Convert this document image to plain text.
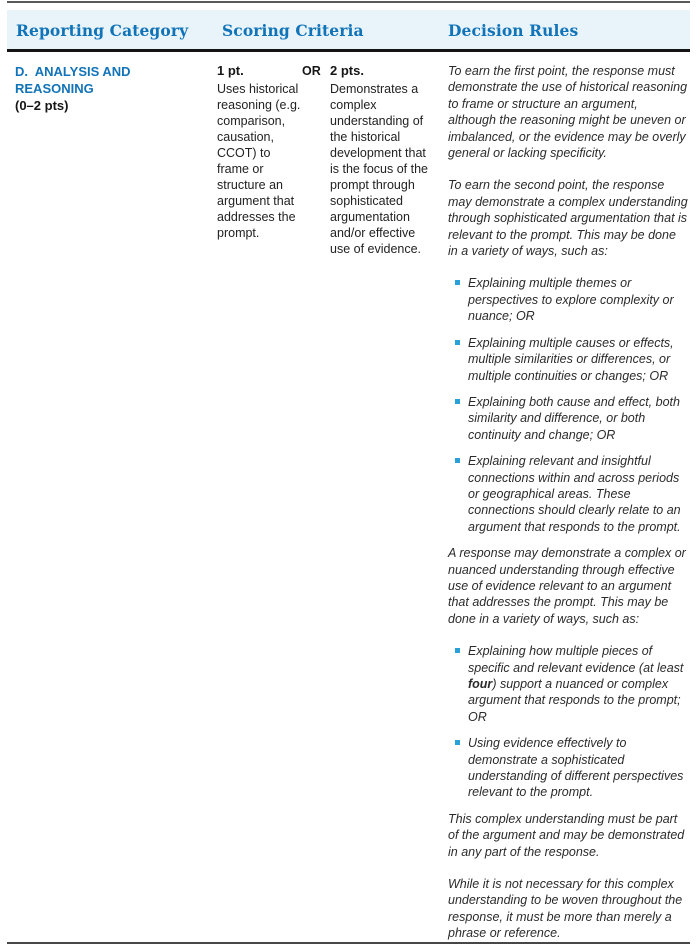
Reporting Category	Scoring Criteria	Decision Rules
D.  ANALYSIS AND REASONING
(0–2 pts)
1 pt.
Uses historical reasoning (e.g. comparison, causation, CCOT) to frame or structure an argument that addresses the prompt.
OR 2 pts.
Demonstrates a complex understanding of the historical development that is the focus of the prompt through sophisticated argumentation and/or effective use of evidence.

To earn the first point, the response must demonstrate the use of historical reasoning to frame or structure an argument, although the reasoning might be uneven or imbalanced, or the evidence may be overly general or lacking specificity.

To earn the second point, the response may demonstrate a complex understanding through sophisticated argumentation that is relevant to the prompt. This may be done in a variety of ways, such as:

Explaining multiple themes or perspectives to explore complexity or nuance; OR
Explaining multiple causes or effects, multiple similarities or differences, or multiple continuities or changes; OR
Explaining both cause and effect, both similarity and difference, or both continuity and change; OR
Explaining relevant and insightful connections within and across periods or geographical areas. These connections should clearly relate to an argument that responds to the prompt.

A response may demonstrate a complex or nuanced understanding through effective use of evidence relevant to an argument that addresses the prompt. This may be done in a variety of ways, such as:

Explaining how multiple pieces of specific and relevant evidence (at least four) support a nuanced or complex argument that responds to the prompt; OR
Using evidence effectively to demonstrate a sophisticated understanding of different perspectives relevant to the prompt.

This complex understanding must be part of the argument and may be demonstrated in any part of the response.

While it is not necessary for this complex understanding to be woven throughout the response, it must be more than merely a phrase or reference.
